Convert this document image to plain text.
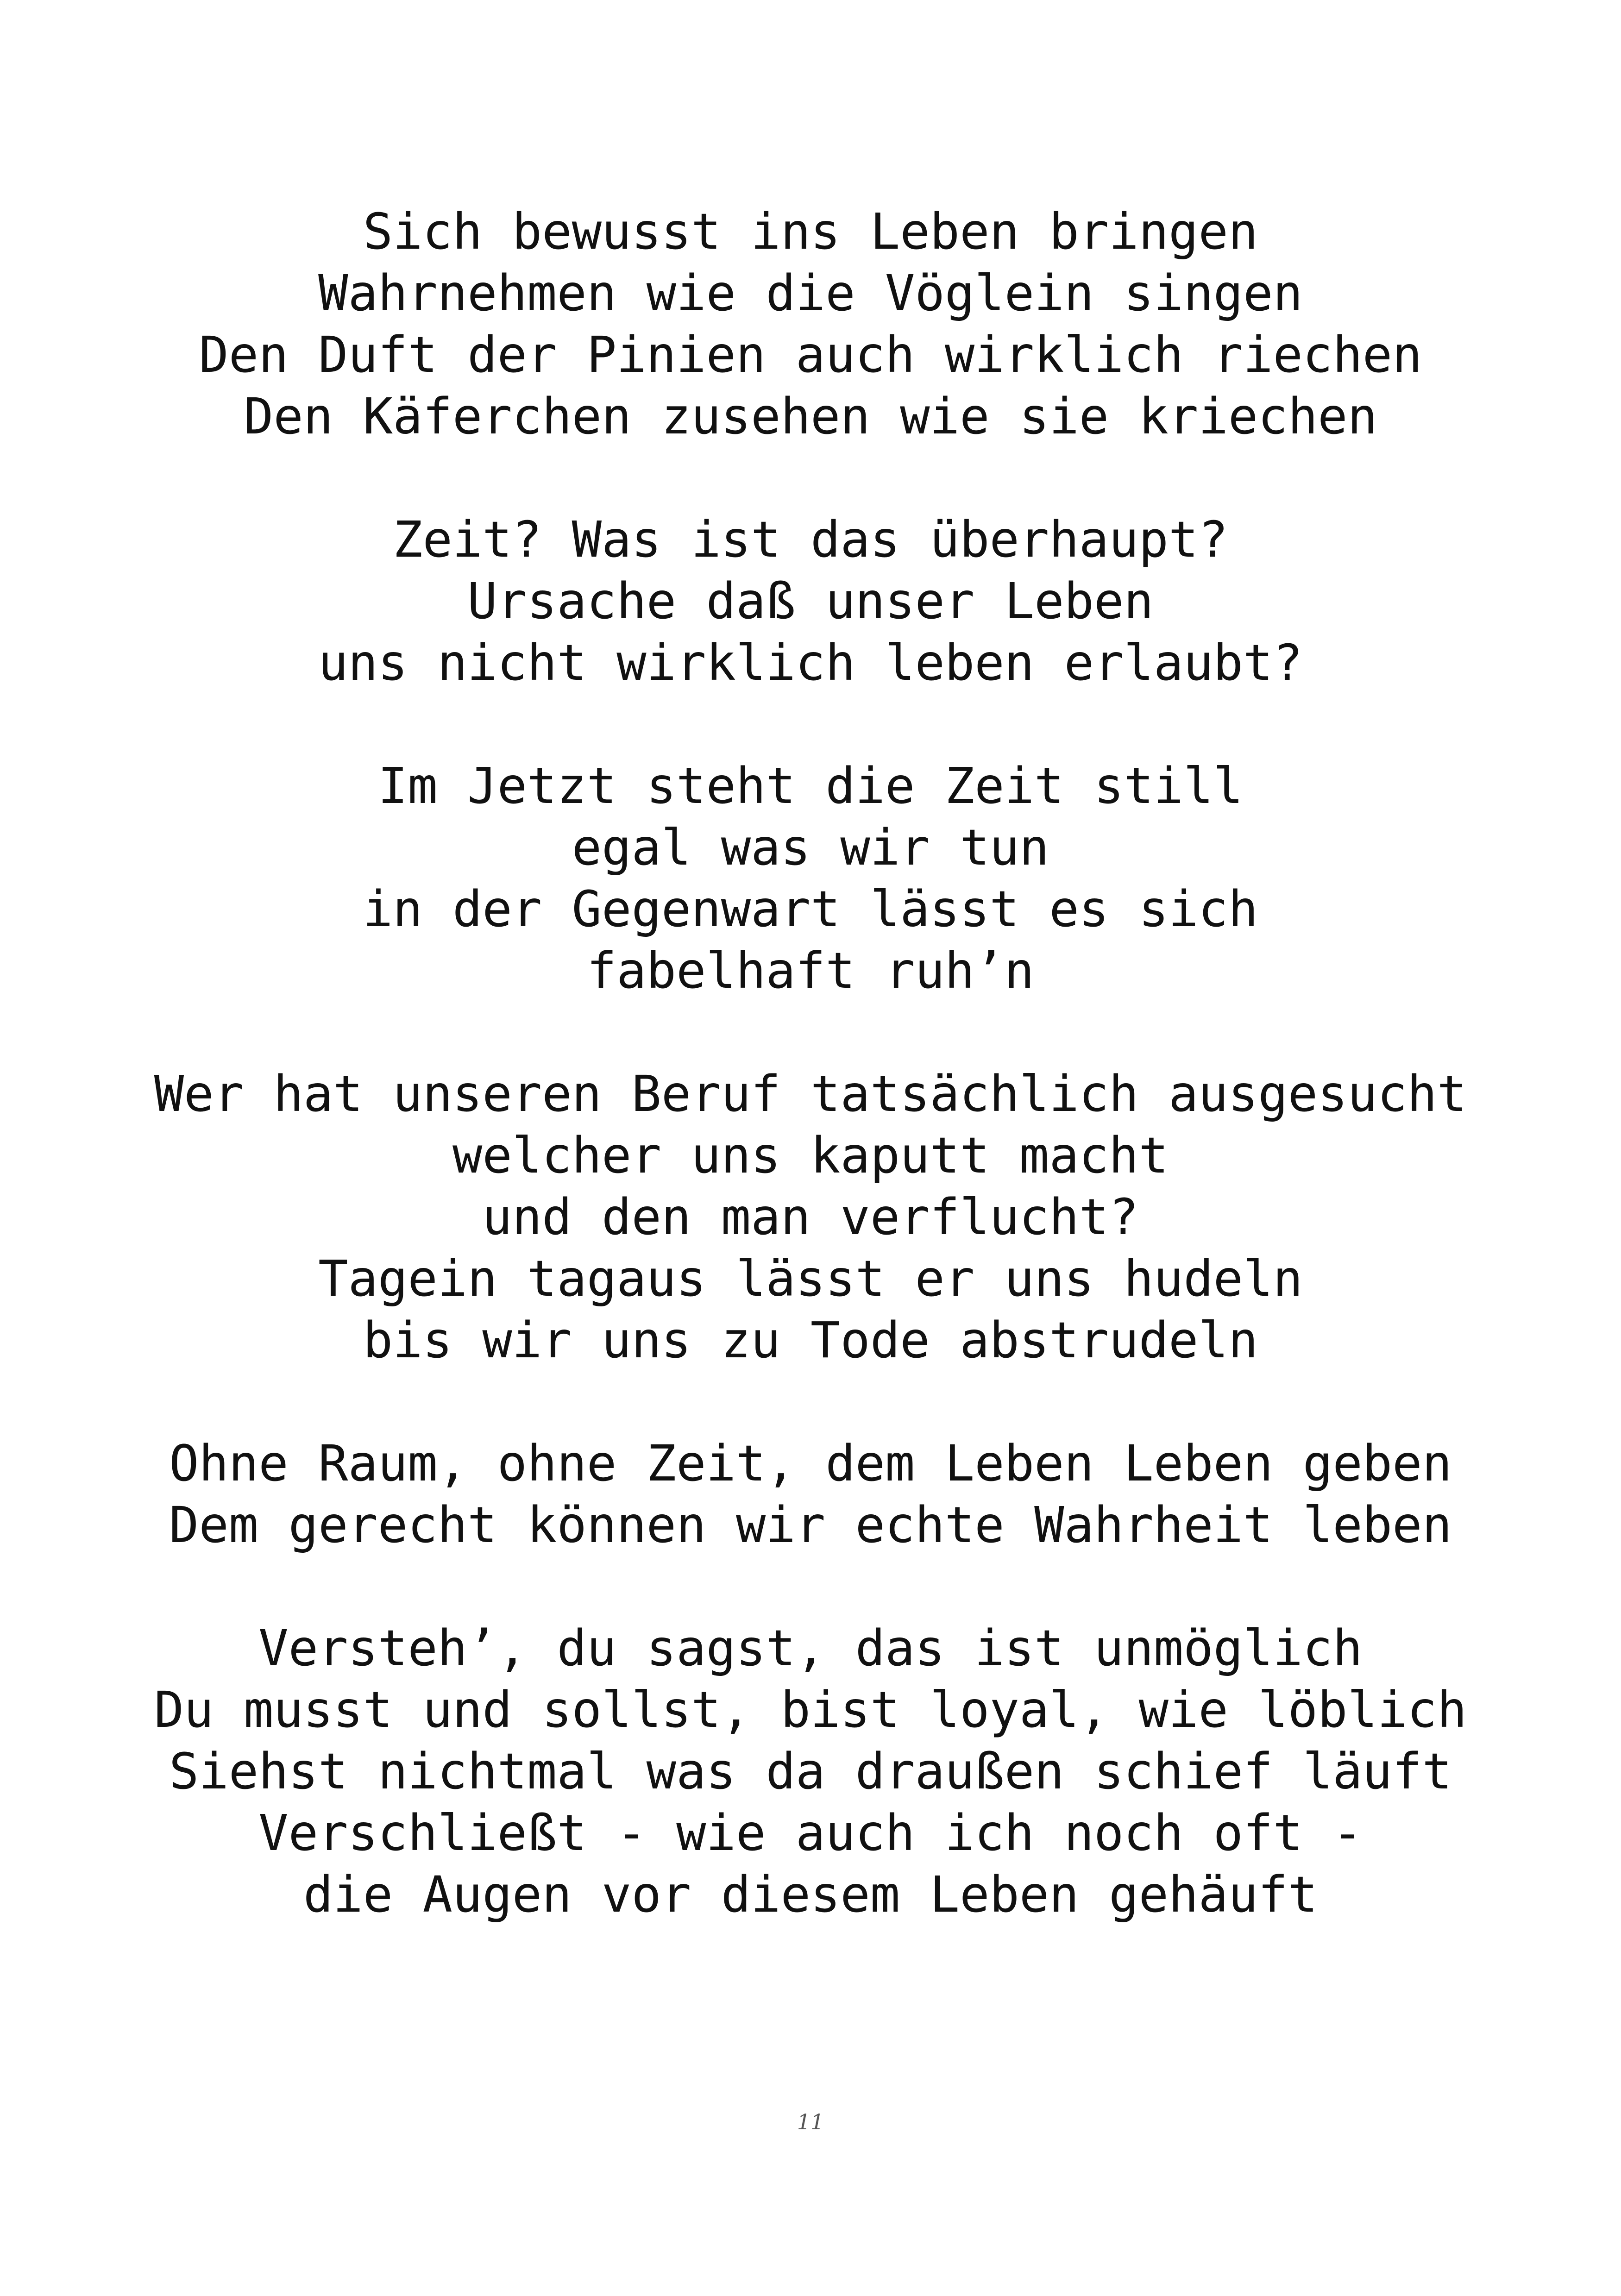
Sich bewusst ins Leben bringen
Wahrnehmen wie die Vöglein singen
Den Duft der Pinien auch wirklich riechen
Den Käferchen zusehen wie sie kriechen

Zeit? Was ist das überhaupt?
Ursache daß unser Leben
uns nicht wirklich leben erlaubt?

Im Jetzt steht die Zeit still
egal was wir tun
in der Gegenwart lässt es sich
fabelhaft ruh’n

Wer hat unseren Beruf tatsächlich ausgesucht
welcher uns kaputt macht
und den man verflucht?
Tagein tagaus lässt er uns hudeln
bis wir uns zu Tode abstrudeln

Ohne Raum, ohne Zeit, dem Leben Leben geben
Dem gerecht können wir echte Wahrheit leben

Versteh’, du sagst, das ist unmöglich
Du musst und sollst, bist loyal, wie löblich
Siehst nichtmal was da draußen schief läuft
Verschließt - wie auch ich noch oft -
die Augen vor diesem Leben gehäuft

11
